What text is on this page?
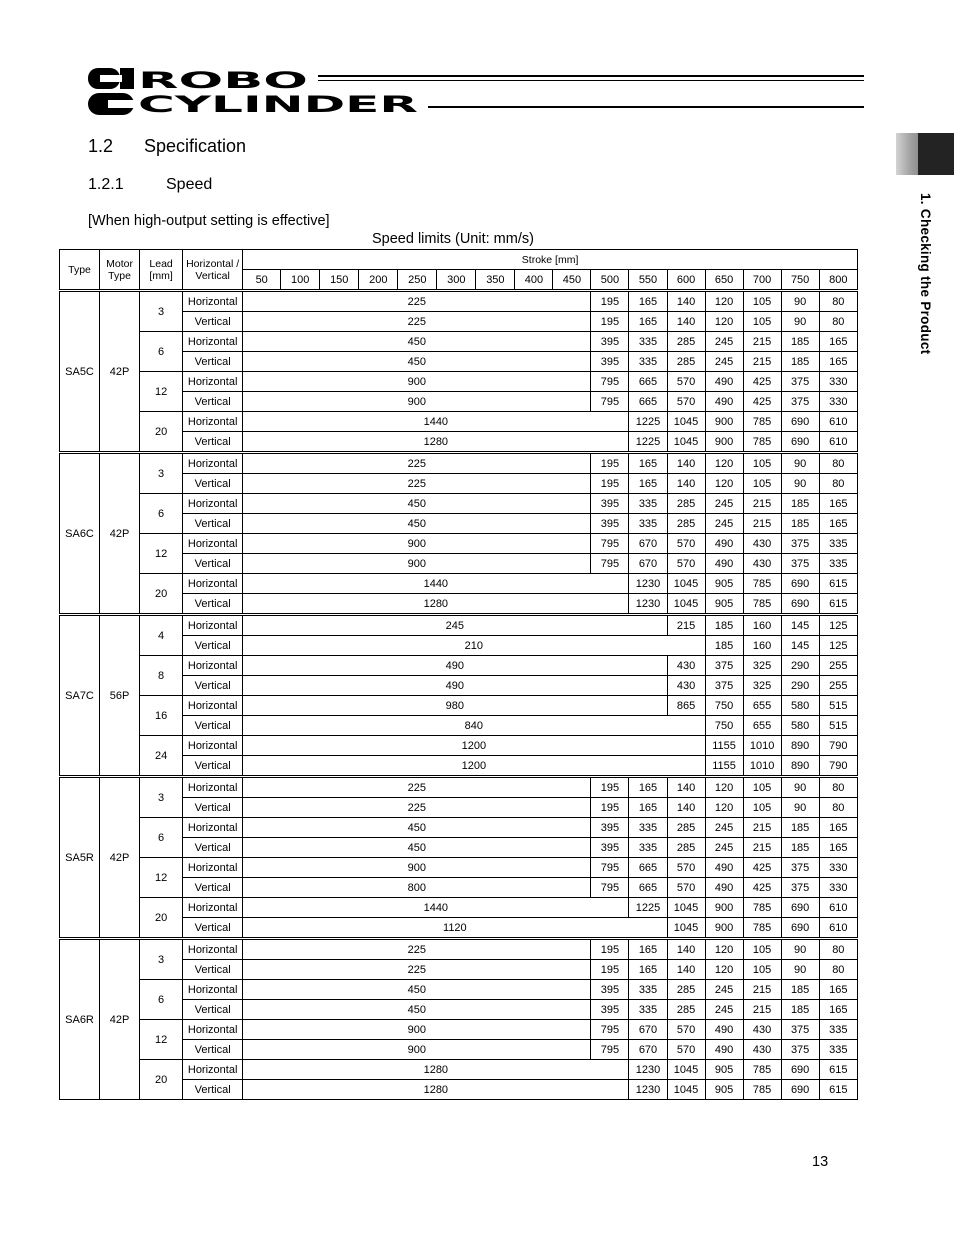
ROBO
CYLINDER
1. Checking the Product
1.2 Specification
1.2.1	Speed
[When high-output setting is effective]
Speed limits (Unit: mm/s)
Type	Motor Type	Lead [mm]	Horizontal / Vertical	Stroke [mm]															
				50	100	150	200	250	300	350	400	450	500	550	600	650	700	750	800
SA5C	42P	3	Horizontal	225									195	165	140	120	105	90	80
			Vertical	225									195	165	140	120	105	90	80
		6	Horizontal	450									395	335	285	245	215	185	165
			Vertical	450									395	335	285	245	215	185	165
		12	Horizontal	900									795	665	570	490	425	375	330
			Vertical	900									795	665	570	490	425	375	330
		20	Horizontal	1440										1225	1045	900	785	690	610
			Vertical	1280										1225	1045	900	785	690	610
SA6C	42P	3	Horizontal	225									195	165	140	120	105	90	80
			Vertical	225									195	165	140	120	105	90	80
		6	Horizontal	450									395	335	285	245	215	185	165
			Vertical	450									395	335	285	245	215	185	165
		12	Horizontal	900									795	670	570	490	430	375	335
			Vertical	900									795	670	570	490	430	375	335
		20	Horizontal	1440										1230	1045	905	785	690	615
			Vertical	1280										1230	1045	905	785	690	615
SA7C	56P	4	Horizontal	245											215	185	160	145	125
			Vertical	210												185	160	145	125
		8	Horizontal	490											430	375	325	290	255
			Vertical	490											430	375	325	290	255
		16	Horizontal	980											865	750	655	580	515
			Vertical	840												750	655	580	515
		24	Horizontal	1200												1155	1010	890	790
			Vertical	1200												1155	1010	890	790
SA5R	42P	3	Horizontal	225									195	165	140	120	105	90	80
			Vertical	225									195	165	140	120	105	90	80
		6	Horizontal	450									395	335	285	245	215	185	165
			Vertical	450									395	335	285	245	215	185	165
		12	Horizontal	900									795	665	570	490	425	375	330
			Vertical	800									795	665	570	490	425	375	330
		20	Horizontal	1440										1225	1045	900	785	690	610
			Vertical	1120											1045	900	785	690	610
SA6R	42P	3	Horizontal	225									195	165	140	120	105	90	80
			Vertical	225									195	165	140	120	105	90	80
		6	Horizontal	450									395	335	285	245	215	185	165
			Vertical	450									395	335	285	245	215	185	165
		12	Horizontal	900									795	670	570	490	430	375	335
			Vertical	900									795	670	570	490	430	375	335
		20	Horizontal	1280										1230	1045	905	785	690	615
			Vertical	1280										1230	1045	905	785	690	615
13
